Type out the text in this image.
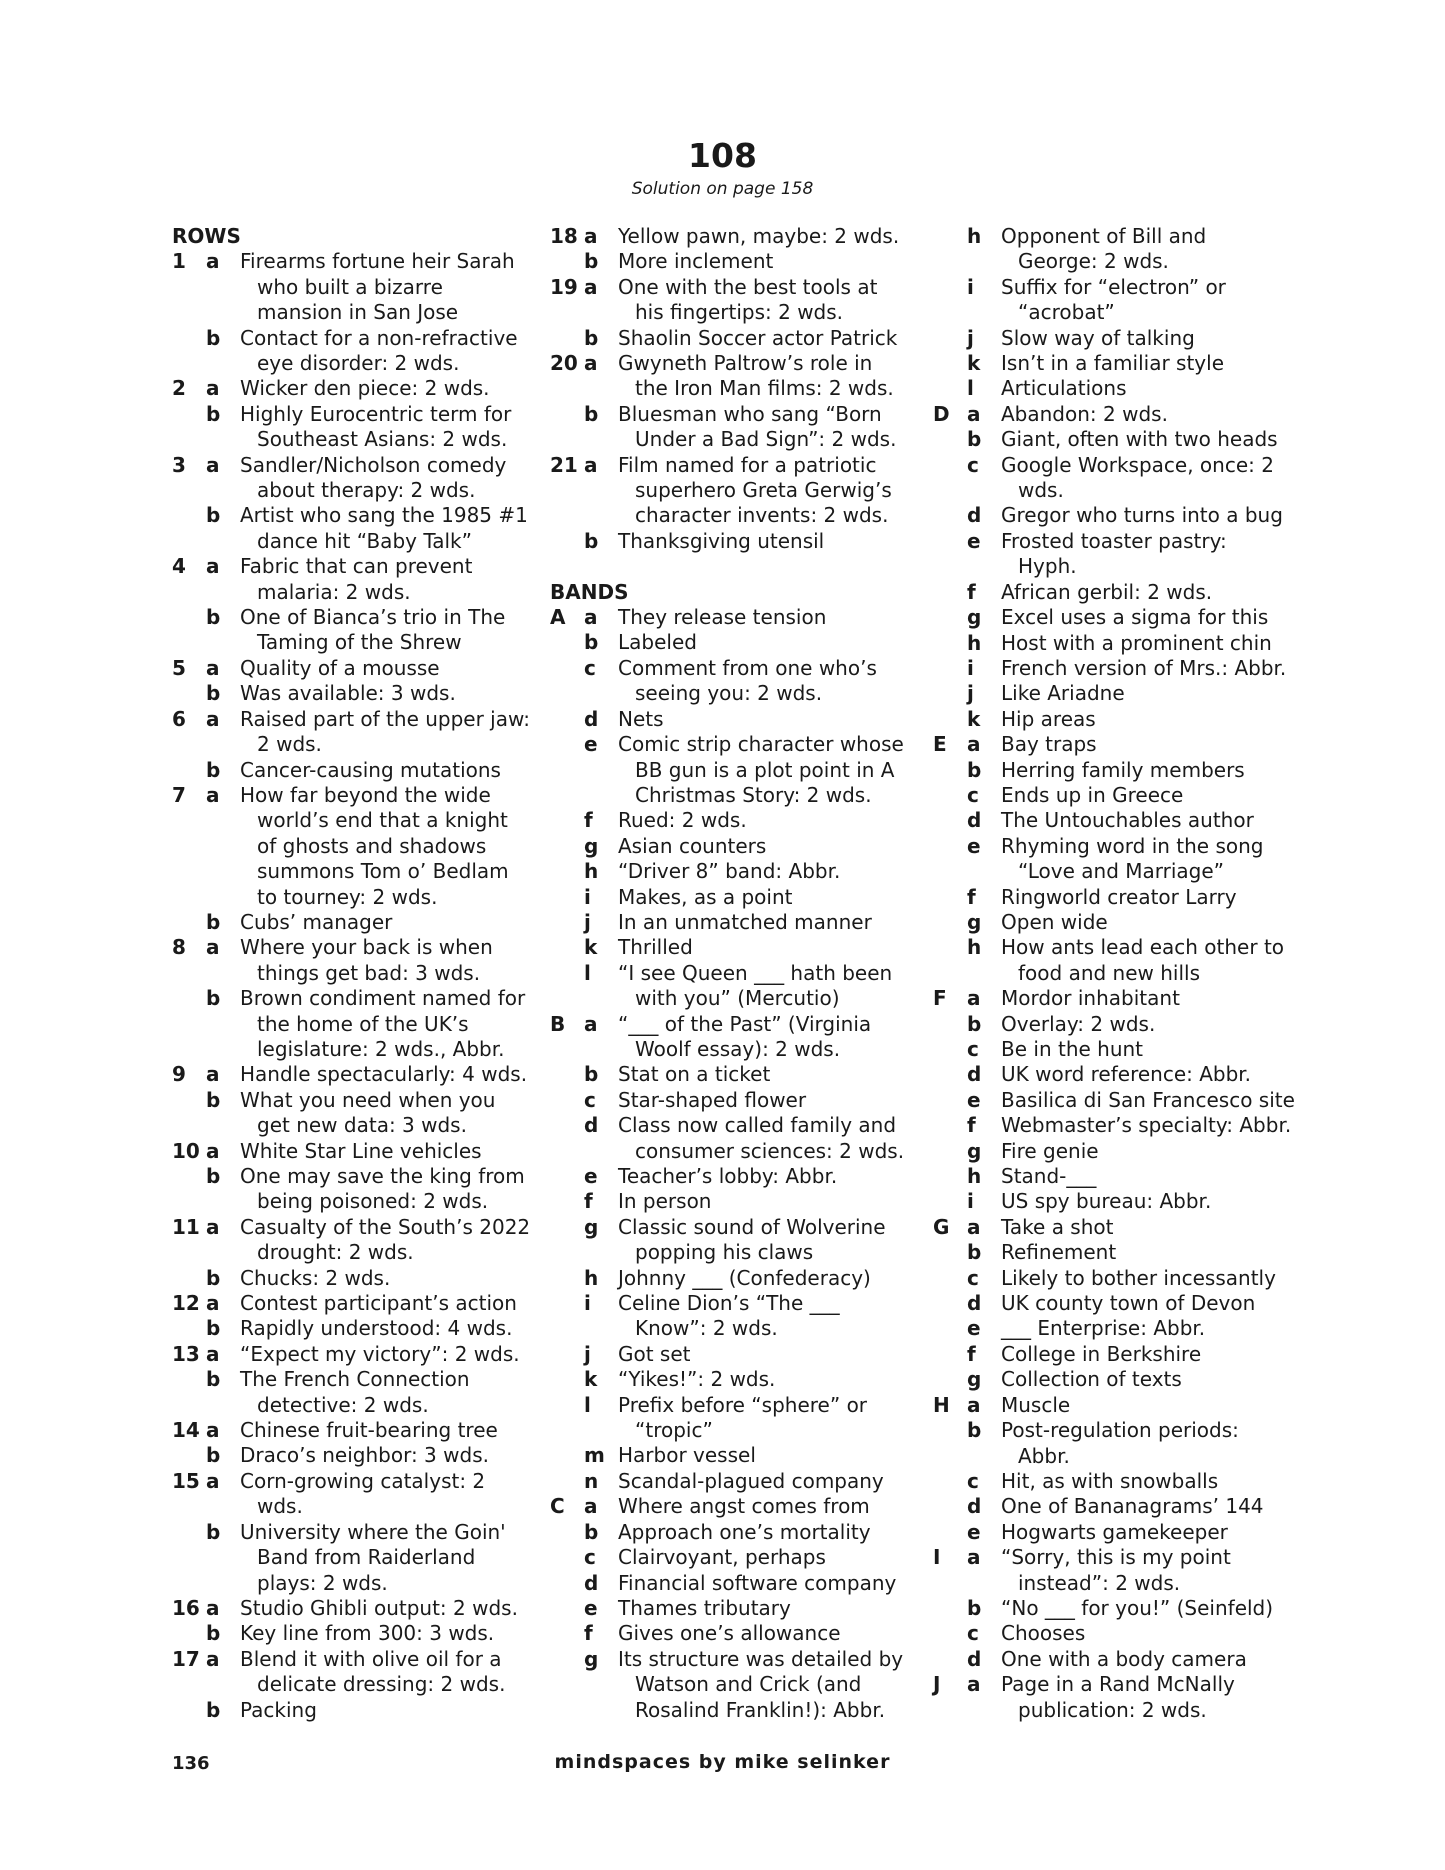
108
Solution on page 158
ROWS
1	a	Firearms fortune heir Sarah
who built a bizarre
mansion in San Jose
b Contact for a non-refractive
eye disorder: 2 wds.
2	a	Wicker den piece: 2 wds.
b Highly Eurocentric term for
Southeast Asians: 2 wds.
3	a	Sandler/Nicholson comedy
about therapy: 2 wds.
b Artist who sang the 1985 #1
dance hit “Baby Talk”
4	a	Fabric that can prevent
malaria: 2 wds.
b One of Bianca’s trio in The
Taming of the Shrew
5	a	Quality of a mousse
b Was available: 3 wds.
6	a	Raised part of the upper jaw:
2 wds.
b Cancer-causing mutations
7	a	How far beyond the wide
world’s end that a knight
of ghosts and shadows
summons Tom o’ Bedlam
to tourney: 2 wds.
b Cubs’ manager
8	a	Where your back is when
things get bad: 3 wds.
b Brown condiment named for
the home of the UK’s
legislature: 2 wds., Abbr.
9	a	Handle spectacularly: 4 wds.
b What you need when you
get new data: 3 wds.
10 a	White Star Line vehicles
b One may save the king from
being poisoned: 2 wds.
11 a	Casualty of the South’s 2022
drought: 2 wds.
b Chucks: 2 wds.
12 a	Contest participant’s action
b Rapidly understood: 4 wds.
13 a	“Expect my victory”: 2 wds.
b The French Connection
detective: 2 wds.
14 a	Chinese fruit-bearing tree
b Draco’s neighbor: 3 wds.
15 a	Corn-growing catalyst: 2
wds.
b University where the Goin'
Band from Raiderland
plays: 2 wds.
16 a	Studio Ghibli output: 2 wds.
b Key line from 300: 3 wds.
17 a	Blend it with olive oil for a
delicate dressing: 2 wds.
b Packing
18 a	Yellow pawn, maybe: 2 wds.
b More inclement
19 a	One with the best tools at
his fingertips: 2 wds.
b Shaolin Soccer actor Patrick
20 a	Gwyneth Paltrow’s role in
the Iron Man films: 2 wds.
b Bluesman who sang “Born
Under a Bad Sign”: 2 wds.
21 a	Film named for a patriotic
superhero Greta Gerwig’s
character invents: 2 wds.
b Thanksgiving utensil
BANDS
A a	They release tension
b Labeled
c	Comment from one who’s
seeing you: 2 wds.
d Nets
e	Comic strip character whose
BB gun is a plot point in A
Christmas Story: 2 wds.
f	Rued: 2 wds.
g Asian counters
h “Driver 8” band: Abbr.
i	Makes, as a point
j	In an unmatched manner
k	Thrilled
l	“I see Queen ___ hath been
with you” (Mercutio)
B a	“___ of the Past” (Virginia
Woolf essay): 2 wds.
b Stat on a ticket
c	Star-shaped flower
d Class now called family and
consumer sciences: 2 wds.
e	Teacher’s lobby: Abbr.
f	In person
g Classic sound of Wolverine
popping his claws
h Johnny ___ (Confederacy)
i	Celine Dion’s “The ___
Know”: 2 wds.
j	Got set
k	“Yikes!”: 2 wds.
l	Prefix before “sphere” or
“tropic”
m Harbor vessel
n Scandal-plagued company
C a	Where angst comes from
b Approach one’s mortality
c	Clairvoyant, perhaps
d Financial software company
e	Thames tributary
f	Gives one’s allowance
g Its structure was detailed by
Watson and Crick (and
Rosalind Franklin!): Abbr.
h Opponent of Bill and
George: 2 wds.
i	Suffix for “electron” or
“acrobat”
j	Slow way of talking
k	Isn’t in a familiar style
l	Articulations
D a	Abandon: 2 wds.
b Giant, often with two heads
c	Google Workspace, once: 2
wds.
d Gregor who turns into a bug
e	Frosted toaster pastry:
Hyph.
f	African gerbil: 2 wds.
g Excel uses a sigma for this
h Host with a prominent chin
i	French version of Mrs.: Abbr.
j	Like Ariadne
k	Hip areas
E	a	Bay traps
b Herring family members
c	Ends up in Greece
d The Untouchables author
e	Rhyming word in the song
“Love and Marriage”
f	Ringworld creator Larry
g Open wide
h How ants lead each other to
food and new hills
F	a	Mordor inhabitant
b Overlay: 2 wds.
c	Be in the hunt
d UK word reference: Abbr.
e	Basilica di San Francesco site
f	Webmaster’s specialty: Abbr.
g Fire genie
h Stand-___
i	US spy bureau: Abbr.
G a	Take a shot
b Refinement
c	Likely to bother incessantly
d UK county town of Devon
e	___ Enterprise: Abbr.
f	College in Berkshire
g Collection of texts
H a	Muscle
b Post-regulation periods:
Abbr.
c	Hit, as with snowballs
d One of Bananagrams’ 144
e	Hogwarts gamekeeper
I	a	“Sorry, this is my point
instead”: 2 wds.
b “No ___ for you!” (Seinfeld)
c	Chooses
d One with a body camera
J	a	Page in a Rand McNally
publication: 2 wds.
136	mindspaces by mike selinker
